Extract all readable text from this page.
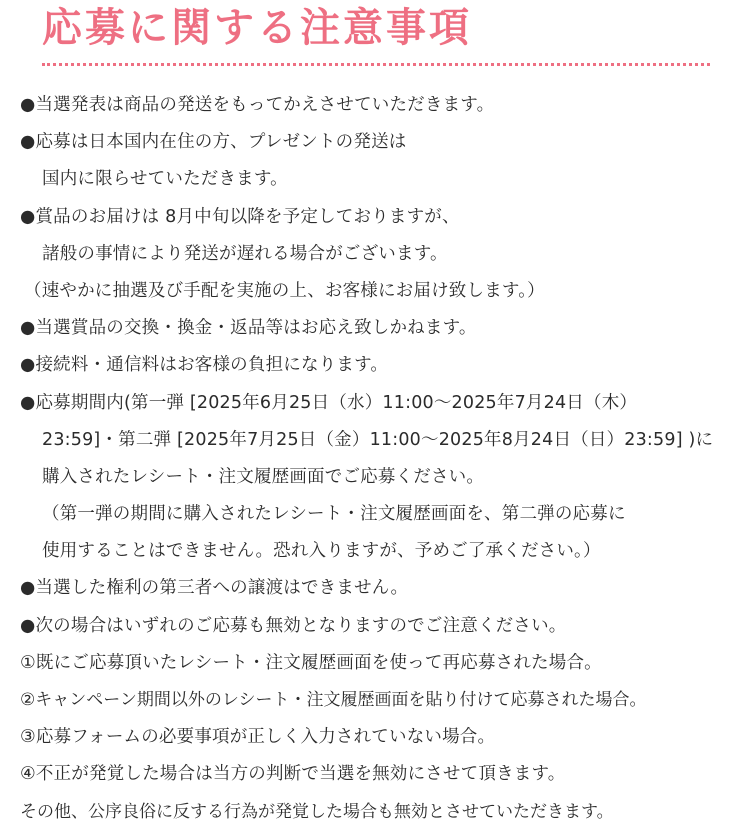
応募に関する注意事項
●当選発表は商品の発送をもってかえさせていただきます。
●応募は日本国内在住の方、プレゼントの発送は
国内に限らせていただきます。
●賞品のお届けは 8月中旬以降を予定しておりますが、
諸般の事情により発送が遅れる場合がございます。
（速やかに抽選及び手配を実施の上、お客様にお届け致します。）
●当選賞品の交換・換金・返品等はお応え致しかねます。
●接続料・通信料はお客様の負担になります。
●応募期間内(第一弾 [2025年6月25日（水）11:00～2025年7月24日（木）
23:59]・第二弾 [2025年7月25日（金）11:00～2025年8月24日（日）23:59] )に
購入されたレシート・注文履歴画面でご応募ください。
（第一弾の期間に購入されたレシート・注文履歴画面を、第二弾の応募に
使用することはできません。恐れ入りますが、予めご了承ください。）
●当選した権利の第三者への譲渡はできません。
●次の場合はいずれのご応募も無効となりますのでご注意ください。
①既にご応募頂いたレシート・注文履歴画面を使って再応募された場合。
②キャンペーン期間以外のレシート・注文履歴画面を貼り付けて応募された場合。
③応募フォームの必要事項が正しく入力されていない場合。
④不正が発覚した場合は当方の判断で当選を無効にさせて頂きます。
その他、公序良俗に反する行為が発覚した場合も無効とさせていただきます。
